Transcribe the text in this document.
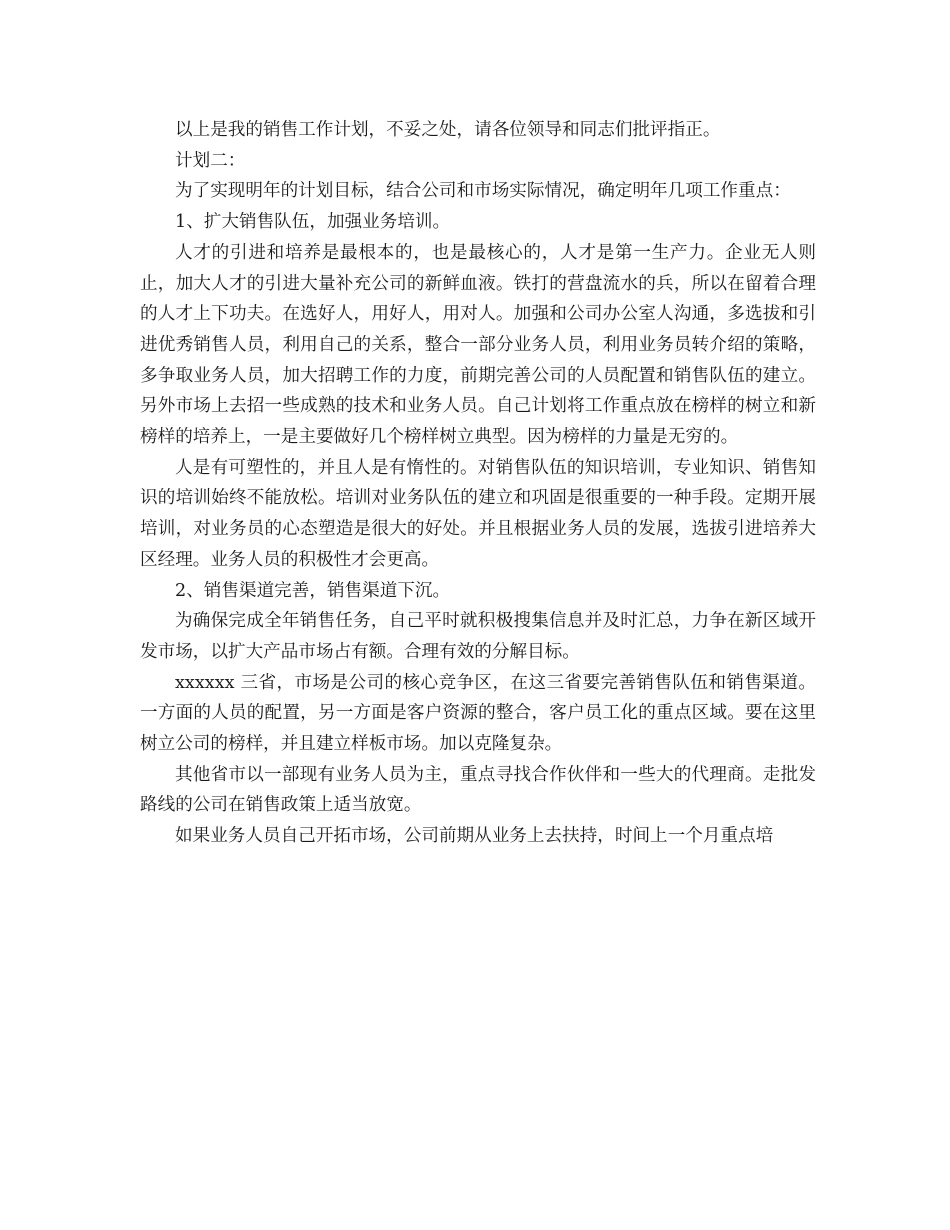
以上是我的销售工作计划，不妥之处，请各位领导和同志们批评指正。

计划二：

为了实现明年的计划目标，结合公司和市场实际情况，确定明年几项工作重点：

1、扩大销售队伍，加强业务培训。

人才的引进和培养是最根本的，也是最核心的，人才是第一生产力。企业无人则止，加大人才的引进大量补充公司的新鲜血液。铁打的营盘流水的兵，所以在留着合理的人才上下功夫。在选好人，用好人，用对人。加强和公司办公室人沟通，多选拔和引进优秀销售人员，利用自己的关系，整合一部分业务人员，利用业务员转介绍的策略，多争取业务人员，加大招聘工作的力度，前期完善公司的人员配置和销售队伍的建立。另外市场上去招一些成熟的技术和业务人员。自己计划将工作重点放在榜样的树立和新榜样的培养上，一是主要做好几个榜样树立典型。因为榜样的力量是无穷的。

人是有可塑性的，并且人是有惰性的。对销售队伍的知识培训，专业知识、销售知识的培训始终不能放松。培训对业务队伍的建立和巩固是很重要的一种手段。定期开展培训，对业务员的心态塑造是很大的好处。并且根据业务人员的发展，选拔引进培养大区经理。业务人员的积极性才会更高。

2、销售渠道完善，销售渠道下沉。

为确保完成全年销售任务，自己平时就积极搜集信息并及时汇总，力争在新区域开发市场，以扩大产品市场占有额。合理有效的分解目标。

xxxxxx 三省，市场是公司的核心竞争区，在这三省要完善销售队伍和销售渠道。一方面的人员的配置，另一方面是客户资源的整合，客户员工化的重点区域。要在这里树立公司的榜样，并且建立样板市场。加以克隆复杂。

其他省市以一部现有业务人员为主，重点寻找合作伙伴和一些大的代理商。走批发路线的公司在销售政策上适当放宽。

如果业务人员自己开拓市场，公司前期从业务上去扶持，时间上一个月重点培
